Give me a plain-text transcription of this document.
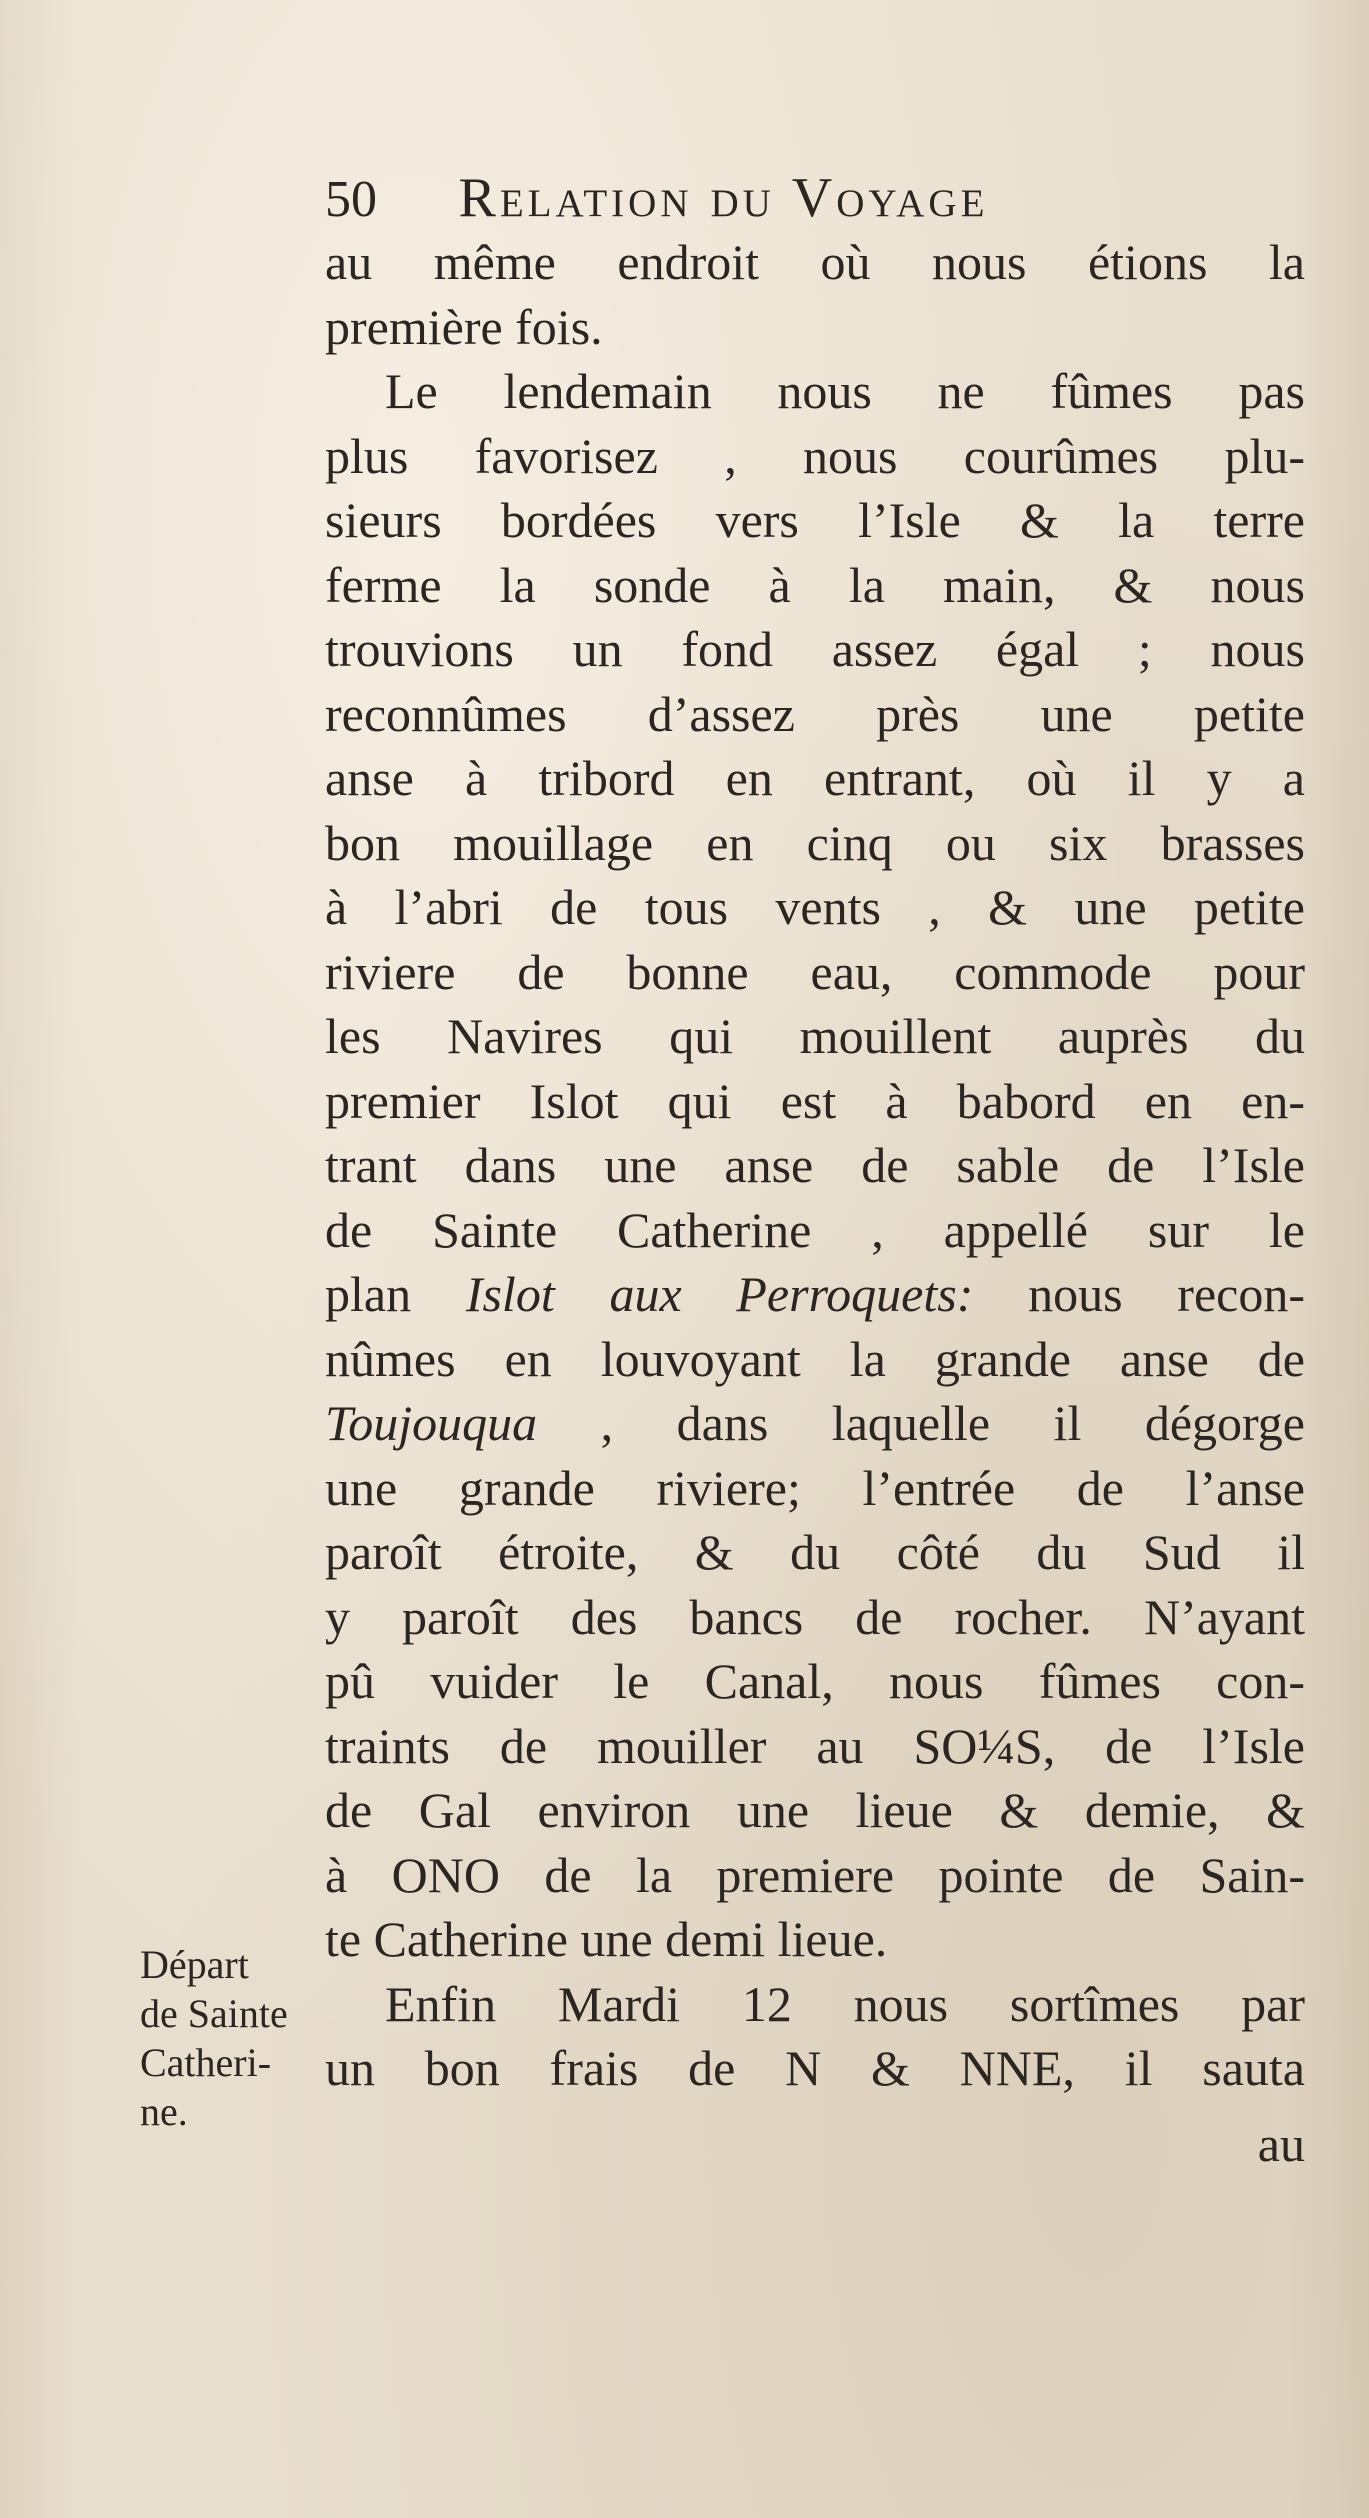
50 Relation du Voyage
au même endroit où nous étions la
première fois.
Le lendemain nous ne fûmes pas
plus favorisez , nous courûmes plu-
sieurs bordées vers l’Isle & la terre
ferme la sonde à la main, & nous
trouvions un fond assez égal ; nous
reconnûmes d’assez près une petite
anse à tribord en entrant, où il y a
bon mouillage en cinq ou six brasses
à l’abri de tous vents , & une petite
riviere de bonne eau, commode pour
les Navires qui mouillent auprès du
premier Islot qui est à babord en en-
trant dans une anse de sable de l’Isle
de Sainte Catherine , appellé sur le
plan Islot aux Perroquets: nous recon-
nûmes en louvoyant la grande anse de
Toujouqua , dans laquelle il dégorge
une grande riviere; l’entrée de l’anse
paroît étroite, & du côté du Sud il
y paroît des bancs de rocher. N’ayant
pû vuider le Canal, nous fûmes con-
traints de mouiller au SO¼S, de l’Isle
de Gal environ une lieue & demie, &
à ONO de la premiere pointe de Sain-
te Catherine une demi lieue.
Enfin Mardi 12 nous sortîmes par
un bon frais de N & NNE, il sauta
Départ
de Sainte
Catheri-
ne.
au
